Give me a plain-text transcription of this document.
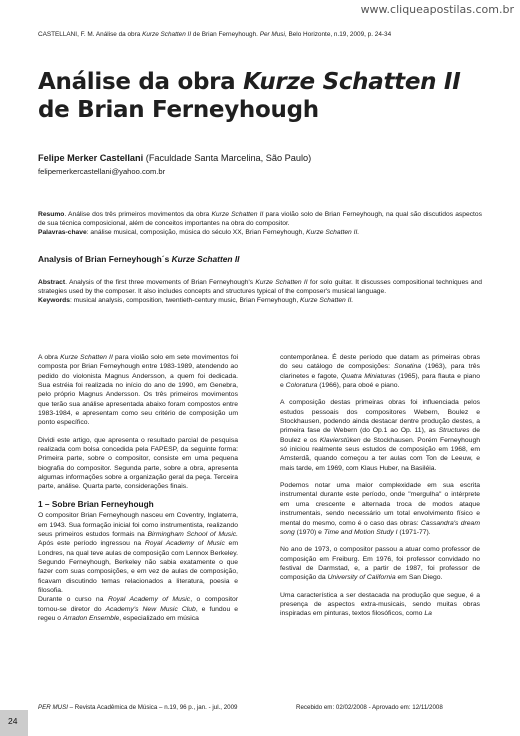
www.cliqueapostilas.com.br
CASTELLANI, F. M. Análise da obra Kurze Schatten II de Brian Ferneyhough. Per Musi, Belo Horizonte, n.19, 2009, p. 24-34
Análise da obra Kurze Schatten II de Brian Ferneyhough
Felipe Merker Castellani (Faculdade Santa Marcelina, São Paulo)
felipemerkercastellani@yahoo.com.br
Resumo. Análise dos três primeiros movimentos da obra Kurze Schatten II para violão solo de Brian Ferneyhough, na qual são discutidos aspectos de sua técnica composicional, além de conceitos importantes na obra do compositor.
Palavras-chave: análise musical, composição, música do século XX, Brian Ferneyhough, Kurze Schatten II.
Analysis of Brian Ferneyhough´s Kurze Schatten II
Abstract. Analysis of the first three movements of Brian Ferneyhough's Kurze Schatten II for solo guitar. It discusses compositional techniques and strategies used by the composer. It also includes concepts and structures typical of the composer's musical language.
Keywords: musical analysis, composition, twentieth-century music, Brian Ferneyhough, Kurze Schatten II.

A obra Kurze Schatten II para violão solo em sete movimentos foi composta por Brian Ferneyhough entre 1983-1989, atendendo ao pedido do violonista Magnus Andersson, a quem foi dedicada. Sua estréia foi realizada no início do ano de 1990, em Genebra, pelo próprio Magnus Andersson. Os três primeiros movimentos que terão sua análise apresentada abaixo foram compostos entre 1983-1984, e apresentam como seu critério de composição um ponto específico.

Dividi este artigo, que apresenta o resultado parcial de pesquisa realizada com bolsa concedida pela FAPESP, da seguinte forma: Primeira parte, sobre o compositor, consiste em uma pequena biografia do compositor. Segunda parte, sobre a obra, apresenta algumas informações sobre a organização geral da peça. Terceira parte, análise. Quarta parte, considerações finais.

1 – Sobre Brian Ferneyhough

O compositor Brian Ferneyhough nasceu em Coventry, Inglaterra, em 1943. Sua formação inicial foi como instrumentista, realizando seus primeiros estudos formais na Birmingham School of Music. Após este período ingressou na Royal Academy of Music em Londres, na qual teve aulas de composição com Lennox Berkeley. Segundo Ferneyhough, Berkeley não sabia exatamente o que fazer com suas composições, e em vez de aulas de composição, ficavam discutindo temas relacionados a literatura, poesia e filosofia.

Durante o curso na Royal Academy of Music, o compositor tornou-se diretor do Academy's New Music Club, e fundou e regeu o Arradon Ensemble, especializado em música

contemporânea. É deste período que datam as primeiras obras do seu catálogo de composições: Sonatina (1963), para três clarinetes e fagote, Quatra Miniaturas (1965), para flauta e piano e Coloratura (1966), para oboé e piano.

A composição destas primeiras obras foi influenciada pelos estudos pessoais dos compositores Webern, Boulez e Stockhausen, podendo ainda destacar dentre produção destes, a primeira fase de Webern (do Op.1 ao Op. 11), as Structures de Boulez e os Klavierstüken de Stockhausen. Porém Ferneyhough só iniciou realmente seus estudos de composição em 1968, em Amsterdã, quando começou a ter aulas com Ton de Leeuw, e mais tarde, em 1969, com Klaus Huber, na Basiléia.

Podemos notar uma maior complexidade em sua escrita instrumental durante este período, onde "mergulha" o intérprete em uma crescente e alternada troca de modos ataque instrumentais, sendo necessário um total envolvimento físico e mental do mesmo, como é o caso das obras: Cassandra's dream song (1970) e Time and Motion Study I (1971-77).

No ano de 1973, o compositor passou a atuar como professor de composição em Freiburg. Em 1976, foi professor convidado no festival de Darmstad, e, a partir de 1987, foi professor de composição da University of California em San Diego.

Uma característica a ser destacada na produção que segue, é a presença de aspectos extra-musicais, sendo muitas obras inspiradas em pinturas, textos filosóficos, como La

PER MUSI – Revista Acadêmica de Música – n.19, 96 p., jan. - jul., 2009	Recebido em: 02/02/2008 - Aprovado em: 12/11/2008
24
